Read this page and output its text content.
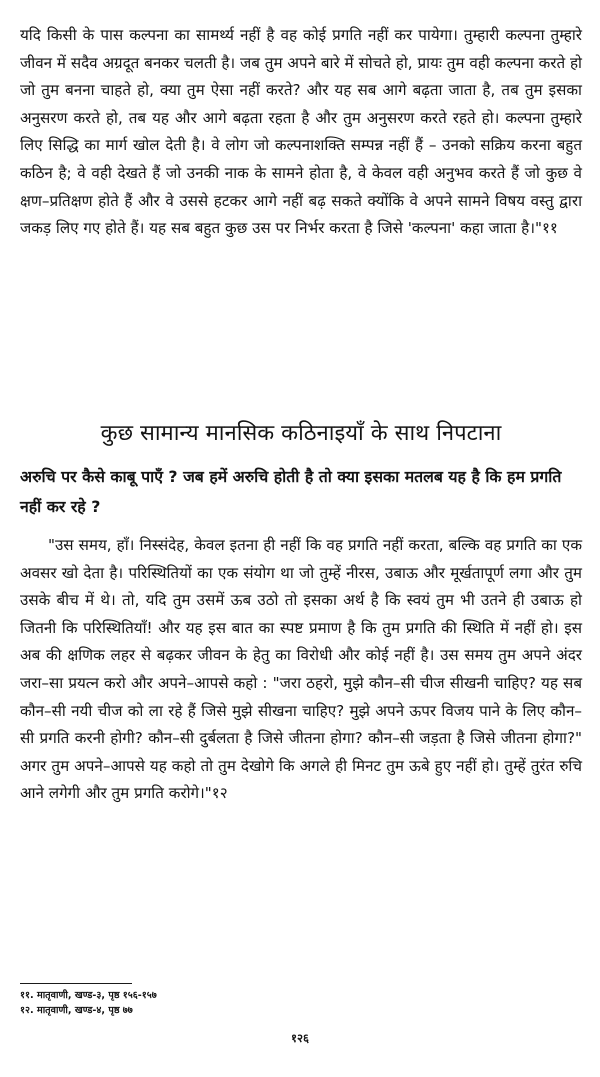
यदि किसी के पास कल्पना का सामर्थ्य नहीं है वह कोई प्रगति नहीं कर पायेगा। तुम्हारी कल्पना तुम्हारे जीवन में सदैव अग्रदूत बनकर चलती है। जब तुम अपने बारे में सोचते हो, प्रायः तुम वही कल्पना करते हो जो तुम बनना चाहते हो, क्या तुम ऐसा नहीं करते? और यह सब आगे बढ़ता जाता है, तब तुम इसका अनुसरण करते हो, तब यह और आगे बढ़ता रहता है और तुम अनुसरण करते रहते हो। कल्पना तुम्हारे लिए सिद्धि का मार्ग खोल देती है। वे लोग जो कल्पनाशक्ति सम्पन्न नहीं हैं – उनको सक्रिय करना बहुत कठिन है; वे वही देखते हैं जो उनकी नाक के सामने होता है, वे केवल वही अनुभव करते हैं जो कुछ वे क्षण–प्रतिक्षण होते हैं और वे उससे हटकर आगे नहीं बढ़ सकते क्योंकि वे अपने सामने विषय वस्तु द्वारा जकड़ लिए गए होते हैं। यह सब बहुत कुछ उस पर निर्भर करता है जिसे 'कल्पना' कहा जाता है।"११

कुछ सामान्य मानसिक कठिनाइयाँ के साथ निपटाना

अरुचि पर कैसे काबू पाएँ ? जब हमें अरुचि होती है तो क्या इसका मतलब यह है कि हम प्रगति नहीं कर रहे ?

"उस समय, हाँ। निस्संदेह, केवल इतना ही नहीं कि वह प्रगति नहीं करता, बल्कि वह प्रगति का एक अवसर खो देता है। परिस्थितियों का एक संयोग था जो तुम्हें नीरस, उबाऊ और मूर्खतापूर्ण लगा और तुम उसके बीच में थे। तो, यदि तुम उसमें ऊब उठो तो इसका अर्थ है कि स्वयं तुम भी उतने ही उबाऊ हो जितनी कि परिस्थितियाँ! और यह इस बात का स्पष्ट प्रमाण है कि तुम प्रगति की स्थिति में नहीं हो। इस अब की क्षणिक लहर से बढ़कर जीवन के हेतु का विरोधी और कोई नहीं है। उस समय तुम अपने अंदर जरा–सा प्रयत्न करो और अपने–आपसे कहो : "जरा ठहरो, मुझे कौन–सी चीज सीखनी चाहिए? यह सब कौन–सी नयी चीज को ला रहे हैं जिसे मुझे सीखना चाहिए? मुझे अपने ऊपर विजय पाने के लिए कौन–सी प्रगति करनी होगी? कौन–सी दुर्बलता है जिसे जीतना होगा? कौन–सी जड़ता है जिसे जीतना होगा?" अगर तुम अपने–आपसे यह कहो तो तुम देखोगे कि अगले ही मिनट तुम ऊबे हुए नहीं हो। तुम्हें तुरंत रुचि आने लगेगी और तुम प्रगति करोगे।"१२

११. मातृवाणी, खण्ड-३, पृष्ठ १५६-१५७

१२. मातृवाणी, खण्ड-४, पृष्ठ ७७

१२६
